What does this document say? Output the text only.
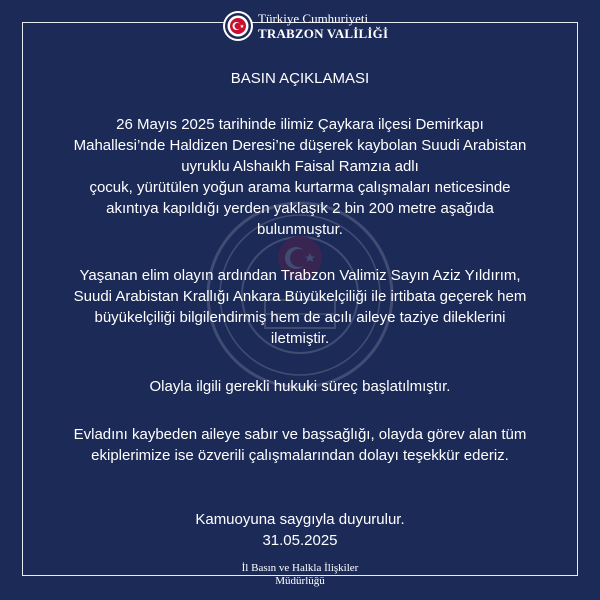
Türkiye Cumhuriyeti
TRABZON VALİLİĞİ
BASIN AÇIKLAMASI
26 Mayıs 2025 tarihinde ilimiz Çaykara ilçesi Demirkapı
Mahallesi’nde Haldizen Deresi’ne düşerek kaybolan Suudi Arabistan
uyruklu Alshaıkh Faisal Ramzıa adlı
çocuk, yürütülen yoğun arama kurtarma çalışmaları neticesinde
akıntıya kapıldığı yerden yaklaşık 2 bin 200 metre aşağıda
bulunmuştur.
Yaşanan elim olayın ardından Trabzon Valimiz Sayın Aziz Yıldırım,
Suudi Arabistan Krallığı Ankara Büyükelçiliği ile irtibata geçerek hem
büyükelçiliği bilgilendirmiş hem de acılı aileye taziye dileklerini
iletmiştir.
Olayla ilgili gerekli hukuki süreç başlatılmıştır.
Evladını kaybeden aileye sabır ve başsağlığı, olayda görev alan tüm
ekiplerimize ise özverili çalışmalarından dolayı teşekkür ederiz.
Kamuoyuna saygıyla duyurulur.
31.05.2025
İl Basın ve Halkla İlişkiler
Müdürlüğü
